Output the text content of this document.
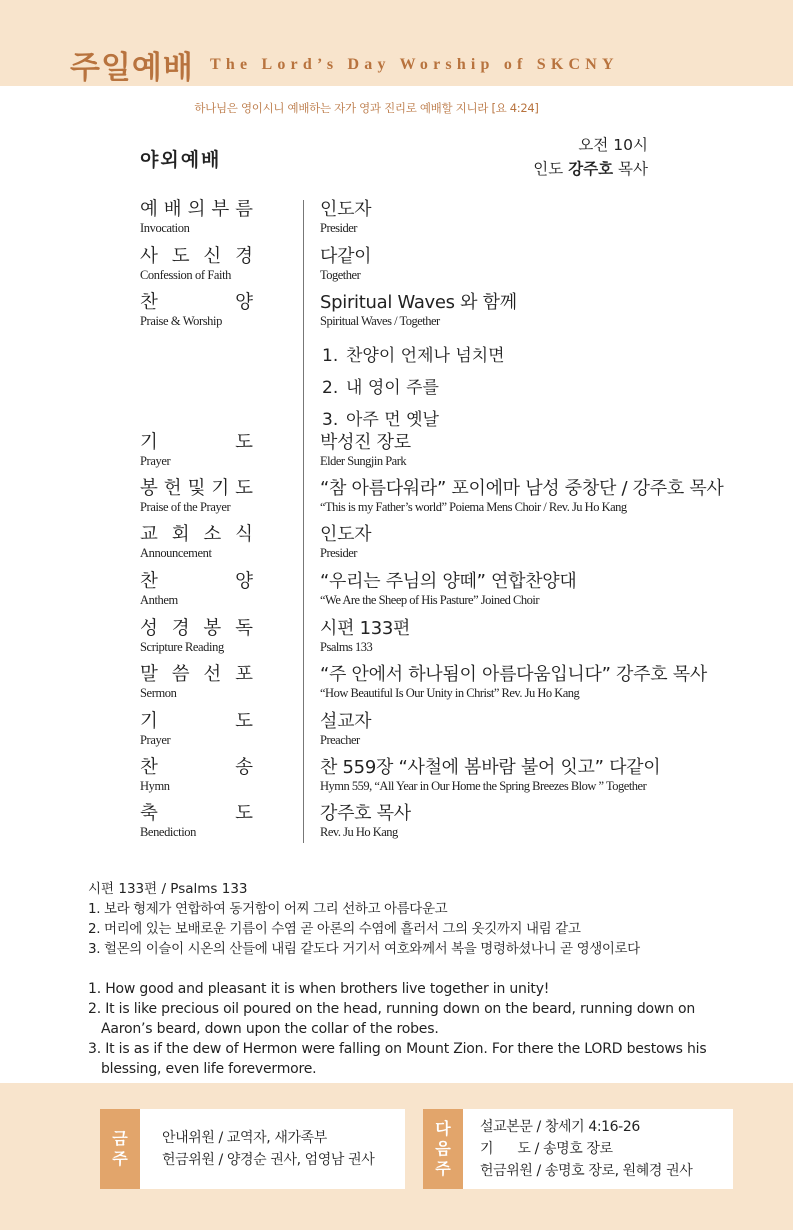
주일예배 The Lord’s Day Worship of SKCNY
하나님은 영이시니 예배하는 자가 영과 진리로 예배할 지니라 [요 4:24]
야외예배
오전 10시
인도 강주호 목사
예 배 의 부 름
Invocation
인도자
Presider
사 도 신 경
Confession of Faith
다같이
Together
찬	양
Praise & Worship
Spiritual Waves 와 함께
Spiritual Waves / Together
기	도
Prayer
박성진 장로
Elder Sungjin Park
봉 헌 및 기 도
Praise of the Prayer
“참 아름다워라” 포이에마 남성 중창단 / 강주호 목사
“This is my Father’s world” Poiema Mens Choir / Rev. Ju Ho Kang
교 회 소 식
Announcement
인도자
Presider
찬	양
Anthem
“우리는 주님의 양떼” 연합찬양대
“We Are the Sheep of His Pasture” Joined Choir
성 경 봉 독
Scripture Reading
시편 133편
Psalms 133
말 씀 선 포
Sermon
“주 안에서 하나됨이 아름다움입니다” 강주호 목사
“How Beautiful Is Our Unity in Christ” Rev. Ju Ho Kang
기	도
Prayer
설교자
Preacher
찬	송
Hymn
찬 559장 “사철에 봄바람 불어 잇고” 다같이
Hymn 559, “All Year in Our Home the Spring Breezes Blow ” Together
축	도
Benediction
강주호 목사
Rev. Ju Ho Kang
1. 찬양이 언제나 넘치면
2. 내 영이 주를
3. 아주 먼 옛날
시편 133편 / Psalms 133
1. 보라 형제가 연합하여 동거함이 어찌 그리 선하고 아름다운고
2. 머리에 있는 보배로운 기름이 수염 곧 아론의 수염에 흘러서 그의 옷깃까지 내림 같고
3. 헐몬의 이슬이 시온의 산들에 내림 같도다 거기서 여호와께서 복을 명령하셨나니 곧 영생이로다
1. How good and pleasant it is when brothers live together in unity!
2. It is like precious oil poured on the head, running down on the beard, running down on Aaron’s beard, down upon the collar of the robes.
3. It is as if the dew of Hermon were falling on Mount Zion. For there the LORD bestows his blessing, even life forevermore.
금
주
안내위원 / 교역자, 새가족부
헌금위원 / 양경순 권사, 엄영남 권사
다
음
주
설교본문 / 창세기 4:16-26
기      도 / 송명호 장로
헌금위원 / 송명호 장로, 원혜경 권사
